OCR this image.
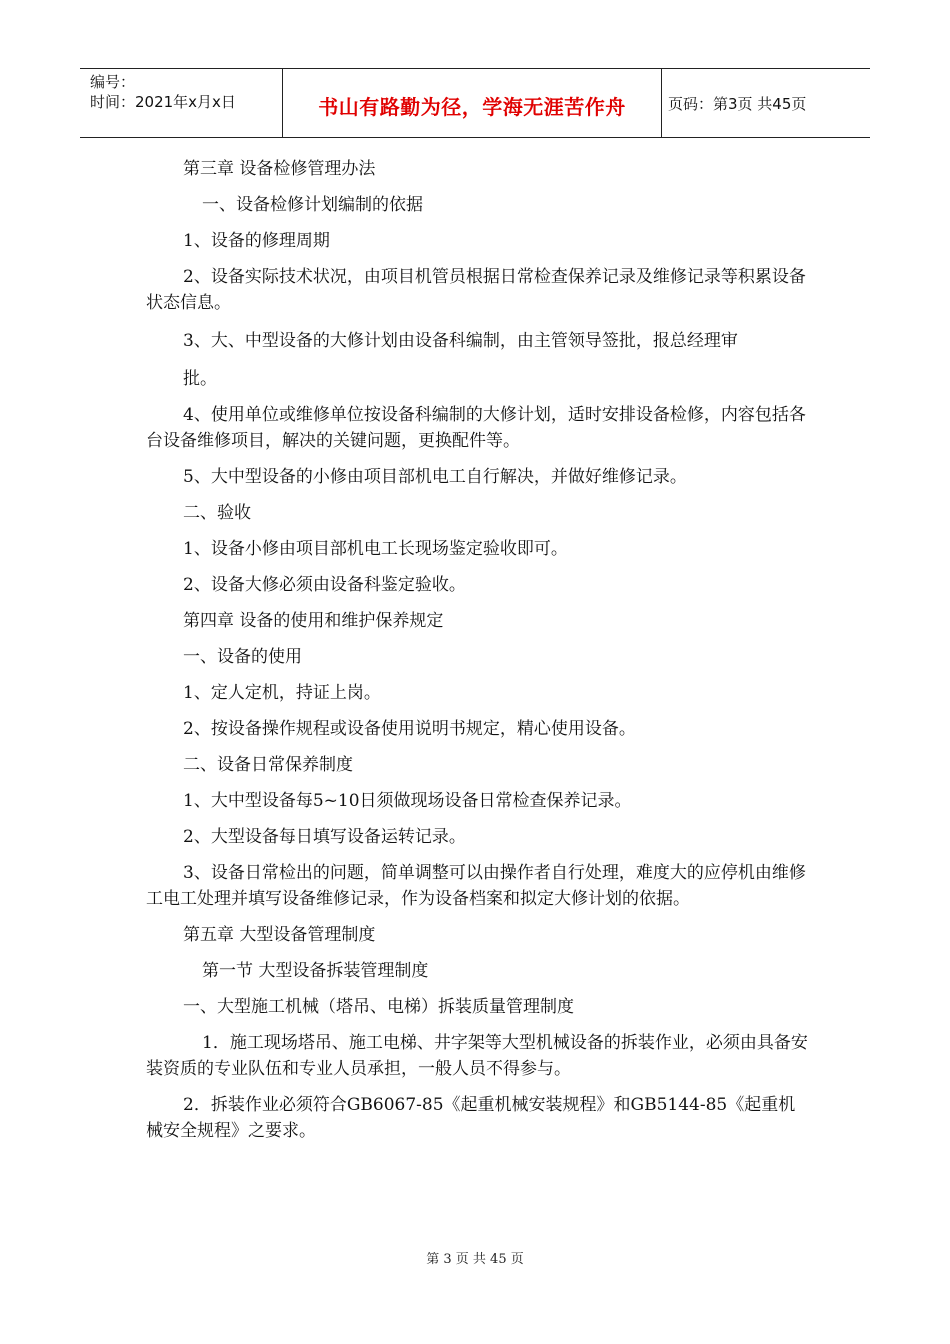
编号：
时间：2021年x月x日	书山有路勤为径，学海无涯苦作舟	页码：第3页 共45页

第三章 设备检修管理办法

一、设备检修计划编制的依据

1、设备的修理周期

2、设备实际技术状况，由项目机管员根据日常检查保养记录及维修记录等积累设备状态信息。

3、大、中型设备的大修计划由设备科编制，由主管领导签批，报总经理审

批。

4、使用单位或维修单位按设备科编制的大修计划，适时安排设备检修，内容包括各台设备维修项目，解决的关键问题，更换配件等。

5、大中型设备的小修由项目部机电工自行解决，并做好维修记录。

二、验收

1、设备小修由项目部机电工长现场鉴定验收即可。

2、设备大修必须由设备科鉴定验收。

第四章 设备的使用和维护保养规定

一、设备的使用

1、定人定机，持证上岗。

2、按设备操作规程或设备使用说明书规定，精心使用设备。

二、设备日常保养制度

1、大中型设备每5~10日须做现场设备日常检查保养记录。

2、大型设备每日填写设备运转记录。

3、设备日常检出的问题，简单调整可以由操作者自行处理，难度大的应停机由维修工电工处理并填写设备维修记录，作为设备档案和拟定大修计划的依据。

第五章 大型设备管理制度

第一节 大型设备拆装管理制度

一、大型施工机械（塔吊、电梯）拆装质量管理制度

1．施工现场塔吊、施工电梯、井字架等大型机械设备的拆装作业，必须由具备安装资质的专业队伍和专业人员承担，一般人员不得参与。

2．拆装作业必须符合GB6067-85《起重机械安装规程》和GB5144-85《起重机械安全规程》之要求。

第 3 页 共 45 页
